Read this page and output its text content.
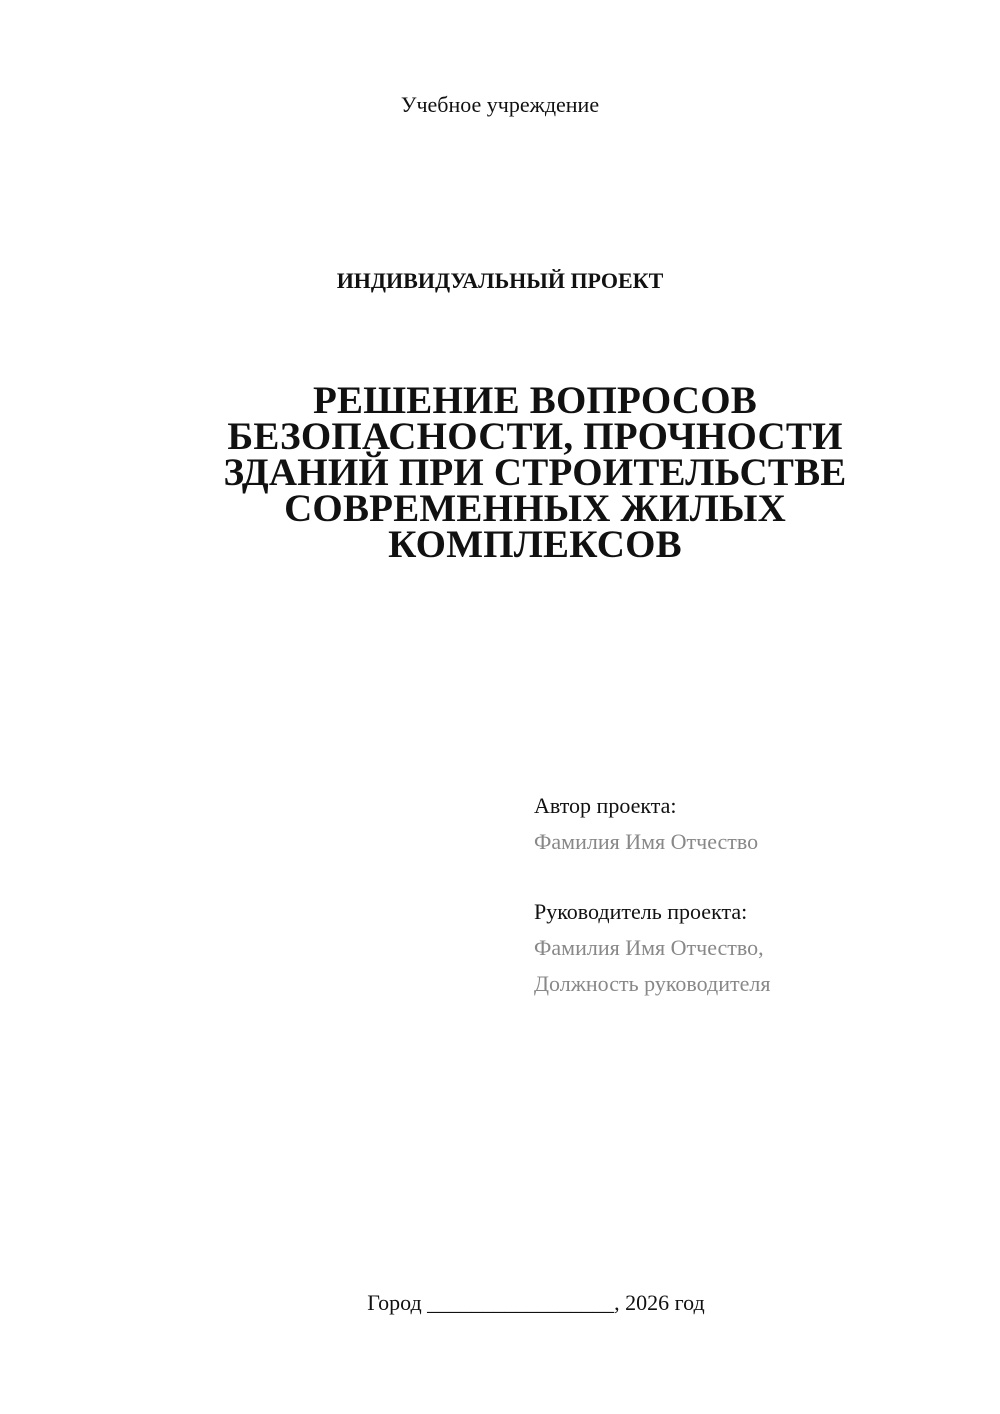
Учебное учреждение
ИНДИВИДУАЛЬНЫЙ ПРОЕКТ
РЕШЕНИЕ ВОПРОСОВ
БЕЗОПАСНОСТИ, ПРОЧНОСТИ
ЗДАНИЙ ПРИ СТРОИТЕЛЬСТВЕ
СОВРЕМЕННЫХ ЖИЛЫХ
КОМПЛЕКСОВ
Автор проекта:
Фамилия Имя Отчество
Руководитель проекта:
Фамилия Имя Отчество,
Должность руководителя
Город _________________, 2026 год
